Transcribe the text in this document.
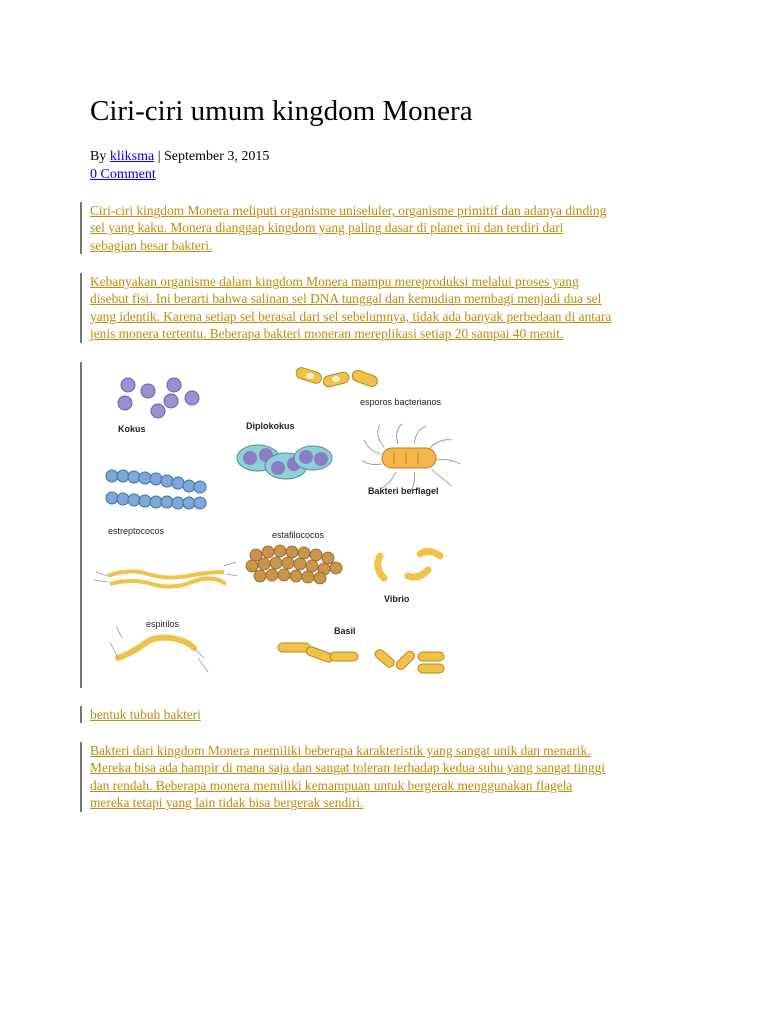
Ciri-ciri umum kingdom Monera
By kliksma | September 3, 2015
0 Comment
Ciri-ciri kingdom Monera meliputi organisme uniseluler, organisme primitif dan adanya dinding
sel yang kaku. Monera dianggap kingdom yang paling dasar di planet ini dan terdiri dari
sebagian besar bakteri.
Kebanyakan organisme dalam kingdom Monera mampu mereproduksi melalui proses yang
disebut fisi. Ini berarti bahwa salinan sel DNA tunggal dan kemudian membagi menjadi dua sel
yang identik. Karena setiap sel berasal dari sel sebelumnya, tidak ada banyak perbedaan di antara
jenis monera tertentu. Beberapa bakteri moneran mereplikasi setiap 20 sampai 40 menit.
Kokus
esporos bacterianos
Diplokokus
Bakteri berflagel
estreptococos	estafilococos
Vibrio
espirilos
Basil
bentuk tubuh bakteri
Bakteri dari kingdom Monera memiliki beberapa karakteristik yang sangat unik dan menarik.
Mereka bisa ada hampir di mana saja dan sangat toleran terhadap kedua suhu yang sangat tinggi
dan rendah. Beberapa monera memiliki kemampuan untuk bergerak menggunakan flagela
mereka tetapi yang lain tidak bisa bergerak sendiri.
